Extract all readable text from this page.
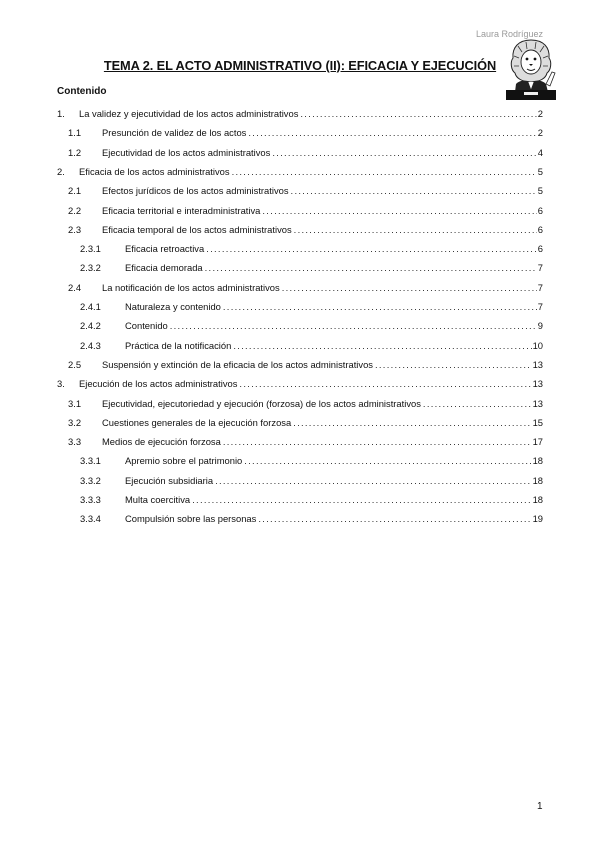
Laura Rodríguez
TEMA 2. EL ACTO ADMINISTRATIVO (II): EFICACIA Y EJECUCIÓN
Contenido
1. La validez y ejecutividad de los actos administrativos .....	2
1.1 Presunción de validez de los actos .....	2
1.2 Ejecutividad de los actos administrativos .....	4
2. Eficacia de los actos administrativos .....	5
2.1 Efectos jurídicos de los actos administrativos .....	5
2.2 Eficacia territorial e interadministrativa .....	6
2.3 Eficacia temporal de los actos administrativos .....	6
2.3.1	Eficacia retroactiva .....	6
2.3.2	Eficacia demorada .....	7
2.4 La notificación de los actos administrativos .....	7
2.4.1	Naturaleza y contenido .....	7
2.4.2	Contenido .....	9
2.4.3	Práctica de la notificación .....	10
2.5 Suspensión y extinción de la eficacia de los actos administrativos .....	13
3. Ejecución de los actos administrativos .....	13
3.1 Ejecutividad, ejecutoriedad y ejecución (forzosa) de los actos administrativos .....	13
3.2 Cuestiones generales de la ejecución forzosa .....	15
3.3 Medios de ejecución forzosa .....	17
3.3.1	Apremio sobre el patrimonio .....	18
3.3.2	Ejecución subsidiaria .....	18
3.3.3	Multa coercitiva .....	18
3.3.4	Compulsión sobre las personas .....	19
1
